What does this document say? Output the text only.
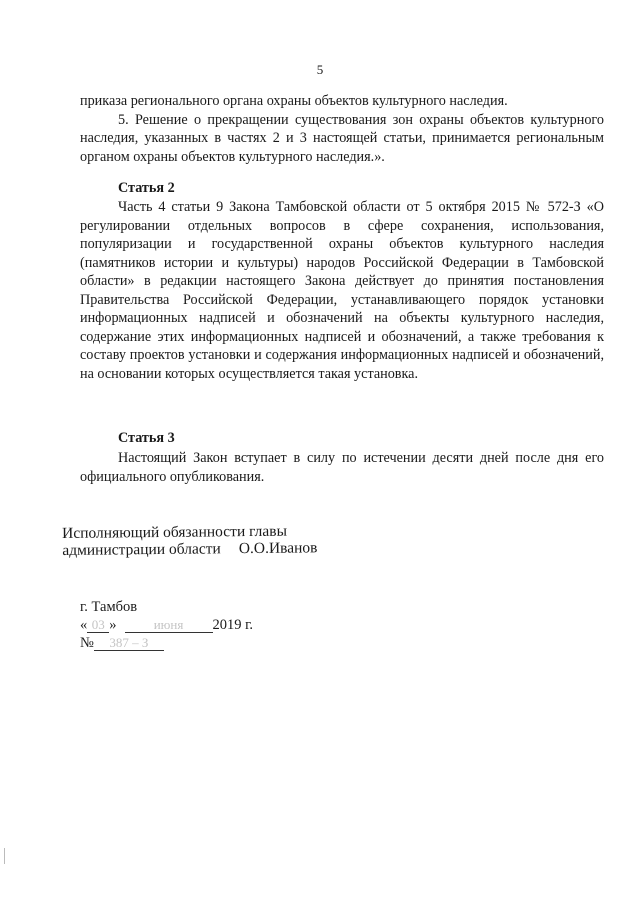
5

приказа регионального органа охраны объектов культурного наследия.

5. Решение о прекращении существования зон охраны объектов культурного наследия, указанных в частях 2 и 3 настоящей статьи, принимается региональным органом охраны объектов культурного наследия.».

Статья 2

Часть 4 статьи 9 Закона Тамбовской области от 5 октября 2015 № 572-З «О регулировании отдельных вопросов в сфере сохранения, использования, популяризации и государственной охраны объектов культурного наследия (памятников истории и культуры) народов Российской Федерации в Тамбовской области» в редакции настоящего Закона действует до принятия постановления Правительства Российской Федерации, устанавливающего порядок установки информационных надписей и обозначений на объекты культурного наследия, содержание этих информационных надписей и обозначений, а также требования к составу проектов установки и содержания информационных надписей и обозначений, на основании которых осуществляется такая установка.

Статья 3

Настоящий Закон вступает в силу по истечении десяти дней после дня его официального опубликования.

Исполняющий обязанности главы
администрации области О.О.Иванов
г. Тамбов
« 03 »	июня	2019 г.
№	387 – З
